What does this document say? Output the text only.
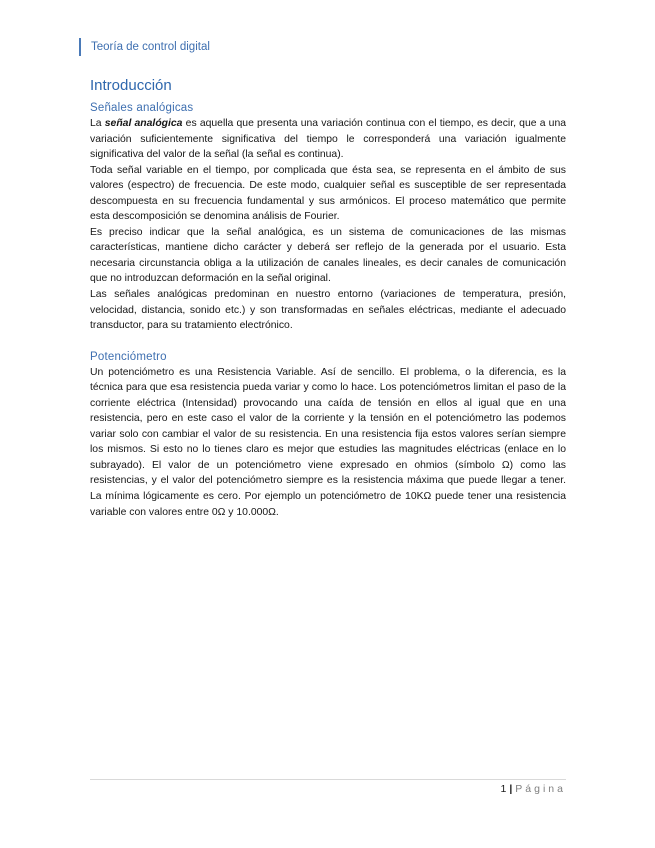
Teoría de control digital
Introducción
Señales analógicas

La señal analógica es aquella que presenta una variación continua con el tiempo, es decir, que a una variación suficientemente significativa del tiempo le corresponderá una variación igualmente significativa del valor de la señal (la señal es continua).

Toda señal variable en el tiempo, por complicada que ésta sea, se representa en el ámbito de sus valores (espectro) de frecuencia. De este modo, cualquier señal es susceptible de ser representada descompuesta en su frecuencia fundamental y sus armónicos. El proceso matemático que permite esta descomposición se denomina análisis de Fourier.

Es preciso indicar que la señal analógica, es un sistema de comunicaciones de las mismas características, mantiene dicho carácter y deberá ser reflejo de la generada por el usuario. Esta necesaria circunstancia obliga a la utilización de canales lineales, es decir canales de comunicación que no introduzcan deformación en la señal original.

Las señales analógicas predominan en nuestro entorno (variaciones de temperatura, presión, velocidad, distancia, sonido etc.) y son transformadas en señales eléctricas, mediante el adecuado transductor, para su tratamiento electrónico.

Potenciómetro

Un potenciómetro es una Resistencia Variable. Así de sencillo. El problema, o la diferencia, es la técnica para que esa resistencia pueda variar y como lo hace. Los potenciómetros limitan el paso de la corriente eléctrica (Intensidad) provocando una caída de tensión en ellos al igual que en una resistencia, pero en este caso el valor de la corriente y la tensión en el potenciómetro las podemos variar solo con cambiar el valor de su resistencia. En una resistencia fija estos valores serían siempre los mismos. Si esto no lo tienes claro es mejor que estudies las magnitudes eléctricas (enlace en lo subrayado). El valor de un potenciómetro viene expresado en ohmios (símbolo Ω) como las resistencias, y el valor del potenciómetro siempre es la resistencia máxima que puede llegar a tener. La mínima lógicamente es cero. Por ejemplo un potenciómetro de 10KΩ puede tener una resistencia variable con valores entre 0Ω y 10.000Ω.

1 | Página
